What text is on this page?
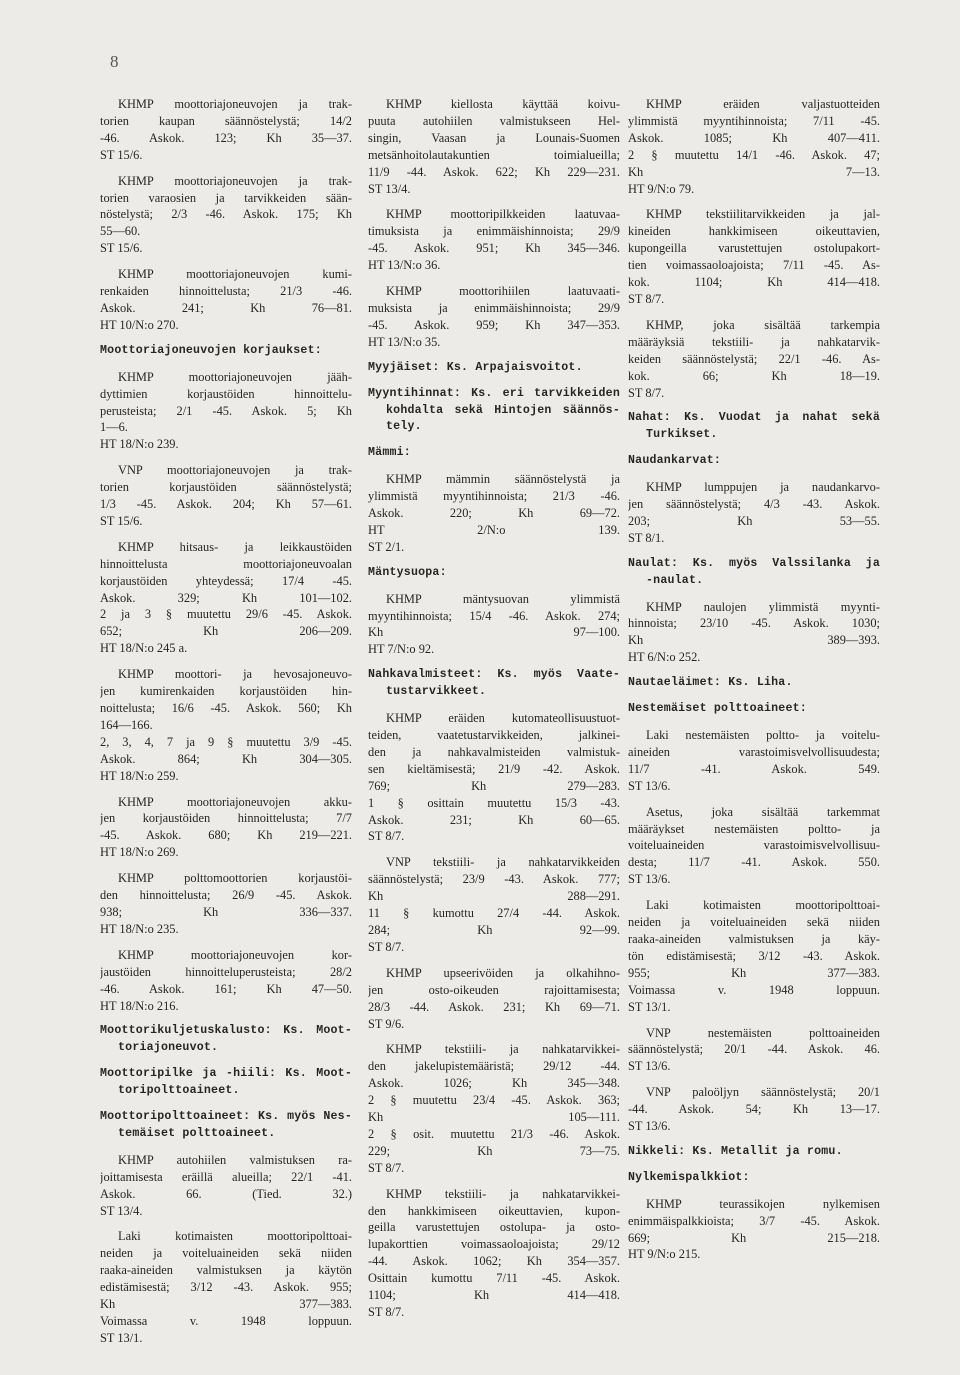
8
KHMP moottoriajoneuvojen ja trak-
torien kaupan säännöstelystä; 14/2
-46. Askok. 123; Kh 35—37.
ST 15/6.
KHMP moottoriajoneuvojen ja trak-
torien varaosien ja tarvikkeiden sään-
nöstelystä; 2/3 -46. Askok. 175; Kh
55—60.
ST 15/6.
KHMP moottoriajoneuvojen kumi-
renkaiden hinnoittelusta; 21/3 -46.
Askok. 241; Kh 76—81.
HT 10/N:o 270.
Moottoriajoneuvojen korjaukset:
KHMP moottoriajoneuvojen jääh-
dyttimien korjaustöiden hinnoittelu-
perusteista; 2/1 -45. Askok. 5; Kh
1—6.
HT 18/N:o 239.
VNP moottoriajoneuvojen ja trak-
torien korjaustöiden säännöstelystä;
1/3 -45. Askok. 204; Kh 57—61.
ST 15/6.
KHMP hitsaus- ja leikkaustöiden
hinnoittelusta moottoriajoneuvoalan
korjaustöiden yhteydessä; 17/4 -45.
Askok. 329; Kh 101—102.
2 ja 3 § muutettu 29/6 -45. Askok.
652; Kh 206—209.
HT 18/N:o 245 a.
KHMP moottori- ja hevosajoneuvo-
jen kumirenkaiden korjaustöiden hin-
noittelusta; 16/6 -45. Askok. 560; Kh
164—166.
2, 3, 4, 7 ja 9 § muutettu 3/9 -45.
Askok. 864; Kh 304—305.
HT 18/N:o 259.
KHMP moottoriajoneuvojen akku-
jen korjaustöiden hinnoittelusta; 7/7
-45. Askok. 680; Kh 219—221.
HT 18/N:o 269.
KHMP polttomoottorien korjaustöi-
den hinnoittelusta; 26/9 -45. Askok.
938; Kh 336—337.
HT 18/N:o 235.
KHMP moottoriajoneuvojen kor-
jaustöiden hinnoitteluperusteista; 28/2
-46. Askok. 161; Kh 47—50.
HT 18/N:o 216.
Moottorikuljetuskalusto: Ks. Moot-
toriajoneuvot.
Moottoripilke ja -hiili: Ks. Moot-
toripolttoaineet.
Moottoripolttoaineet: Ks. myös Nes-
temäiset polttoaineet.
KHMP autohiilen valmistuksen ra-
joittamisesta eräillä alueilla; 22/1 -41.
Askok. 66. (Tied. 32.)
ST 13/4.
Laki kotimaisten moottoripolttoai-
neiden ja voiteluaineiden sekä niiden
raaka-aineiden valmistuksen ja käytön
edistämisestä; 3/12 -43. Askok. 955;
Kh 377—383.
Voimassa v. 1948 loppuun.
ST 13/1.
KHMP kiellosta käyttää koivu-
puuta autohiilen valmistukseen Hel-
singin, Vaasan ja Lounais-Suomen
metsänhoitolautakuntien toimialueilla;
11/9 -44. Askok. 622; Kh 229—231.
ST 13/4.
KHMP moottoripilkkeiden laatuvaa-
timuksista ja enimmäishinnoista; 29/9
-45. Askok. 951; Kh 345—346.
HT 13/N:o 36.
KHMP moottorihiilen laatuvaati-
muksista ja enimmäishinnoista; 29/9
-45. Askok. 959; Kh 347—353.
HT 13/N:o 35.
Myyjäiset: Ks. Arpajaisvoitot.
Myyntihinnat: Ks. eri tarvikkeiden
kohdalta sekä Hintojen säännös-
tely.
Mämmi:
KHMP mämmin säännöstelystä ja
ylimmistä myyntihinnoista; 21/3 -46.
Askok. 220; Kh 69—72.
HT 2/N:o 139.
ST 2/1.
Mäntysuopa:
KHMP mäntysuovan ylimmistä
myyntihinnoista; 15/4 -46. Askok. 274;
Kh 97—100.
HT 7/N:o 92.
Nahkavalmisteet: Ks. myös Vaate-
tustarvikkeet.
KHMP eräiden kutomateollisuustuot-
teiden, vaatetustarvikkeiden, jalkinei-
den ja nahkavalmisteiden valmistuk-
sen kieltämisestä; 21/9 -42. Askok.
769; Kh 279—283.
1 § osittain muutettu 15/3 -43.
Askok. 231; Kh 60—65.
ST 8/7.
VNP tekstiili- ja nahkatarvikkeiden
säännöstelystä; 23/9 -43. Askok. 777;
Kh 288—291.
11 § kumottu 27/4 -44. Askok.
284; Kh 92—99.
ST 8/7.
KHMP upseerivöiden ja olkahihno-
jen osto-oikeuden rajoittamisesta;
28/3 -44. Askok. 231; Kh 69—71.
ST 9/6.
KHMP tekstiili- ja nahkatarvikkei-
den jakelupistemääristä; 29/12 -44.
Askok. 1026; Kh 345—348.
2 § muutettu 23/4 -45. Askok. 363;
Kh 105—111.
2 § osit. muutettu 21/3 -46. Askok.
229; Kh 73—75.
ST 8/7.
KHMP tekstiili- ja nahkatarvikkei-
den hankkimiseen oikeuttavien, kupon-
geilla varustettujen ostolupa- ja osto-
lupakorttien voimassaoloajoista; 29/12
-44. Askok. 1062; Kh 354—357.
Osittain kumottu 7/11 -45. Askok.
1104; Kh 414—418.
ST 8/7.
KHMP eräiden valjastuotteiden
ylimmistä myyntihinnoista; 7/11 -45.
Askok. 1085; Kh 407—411.
2 § muutettu 14/1 -46. Askok. 47;
Kh 7—13.
HT 9/N:o 79.
KHMP tekstiilitarvikkeiden ja jal-
kineiden hankkimiseen oikeuttavien,
kupongeilla varustettujen ostolupakort-
tien voimassaoloajoista; 7/11 -45. As-
kok. 1104; Kh 414—418.
ST 8/7.
KHMP, joka sisältää tarkempia
määräyksiä tekstiili- ja nahkatarvik-
keiden säännöstelystä; 22/1 -46. As-
kok. 66; Kh 18—19.
ST 8/7.
Nahat: Ks. Vuodat ja nahat sekä
Turkikset.
Naudankarvat:
KHMP lumppujen ja naudankarvo-
jen säännöstelystä; 4/3 -43. Askok.
203; Kh 53—55.
ST 8/1.
Naulat: Ks. myös Valssilanka ja
-naulat.
KHMP naulojen ylimmistä myynti-
hinnoista; 23/10 -45. Askok. 1030;
Kh 389—393.
HT 6/N:o 252.
Nautaeläimet: Ks. Liha.
Nestemäiset polttoaineet:
Laki nestemäisten poltto- ja voitelu-
aineiden varastoimisvelvollisuudesta;
11/7 -41. Askok. 549.
ST 13/6.
Asetus, joka sisältää tarkemmat
määräykset nestemäisten poltto- ja
voiteluaineiden varastoimisvelvollisuu-
desta; 11/7 -41. Askok. 550.
ST 13/6.
Laki kotimaisten moottoripolttoai-
neiden ja voiteluaineiden sekä niiden
raaka-aineiden valmistuksen ja käy-
tön edistämisestä; 3/12 -43. Askok.
955; Kh 377—383.
Voimassa v. 1948 loppuun.
ST 13/1.
VNP nestemäisten polttoaineiden
säännöstelystä; 20/1 -44. Askok. 46.
ST 13/6.
VNP palоöljyn säännöstelystä; 20/1
-44. Askok. 54; Kh 13—17.
ST 13/6.
Nikkeli: Ks. Metallit ja romu.
Nylkemispalkkiot:
KHMP teurassikojen nylkemisen
enimmäispalkkioista; 3/7 -45. Askok.
669; Kh 215—218.
HT 9/N:o 215.
